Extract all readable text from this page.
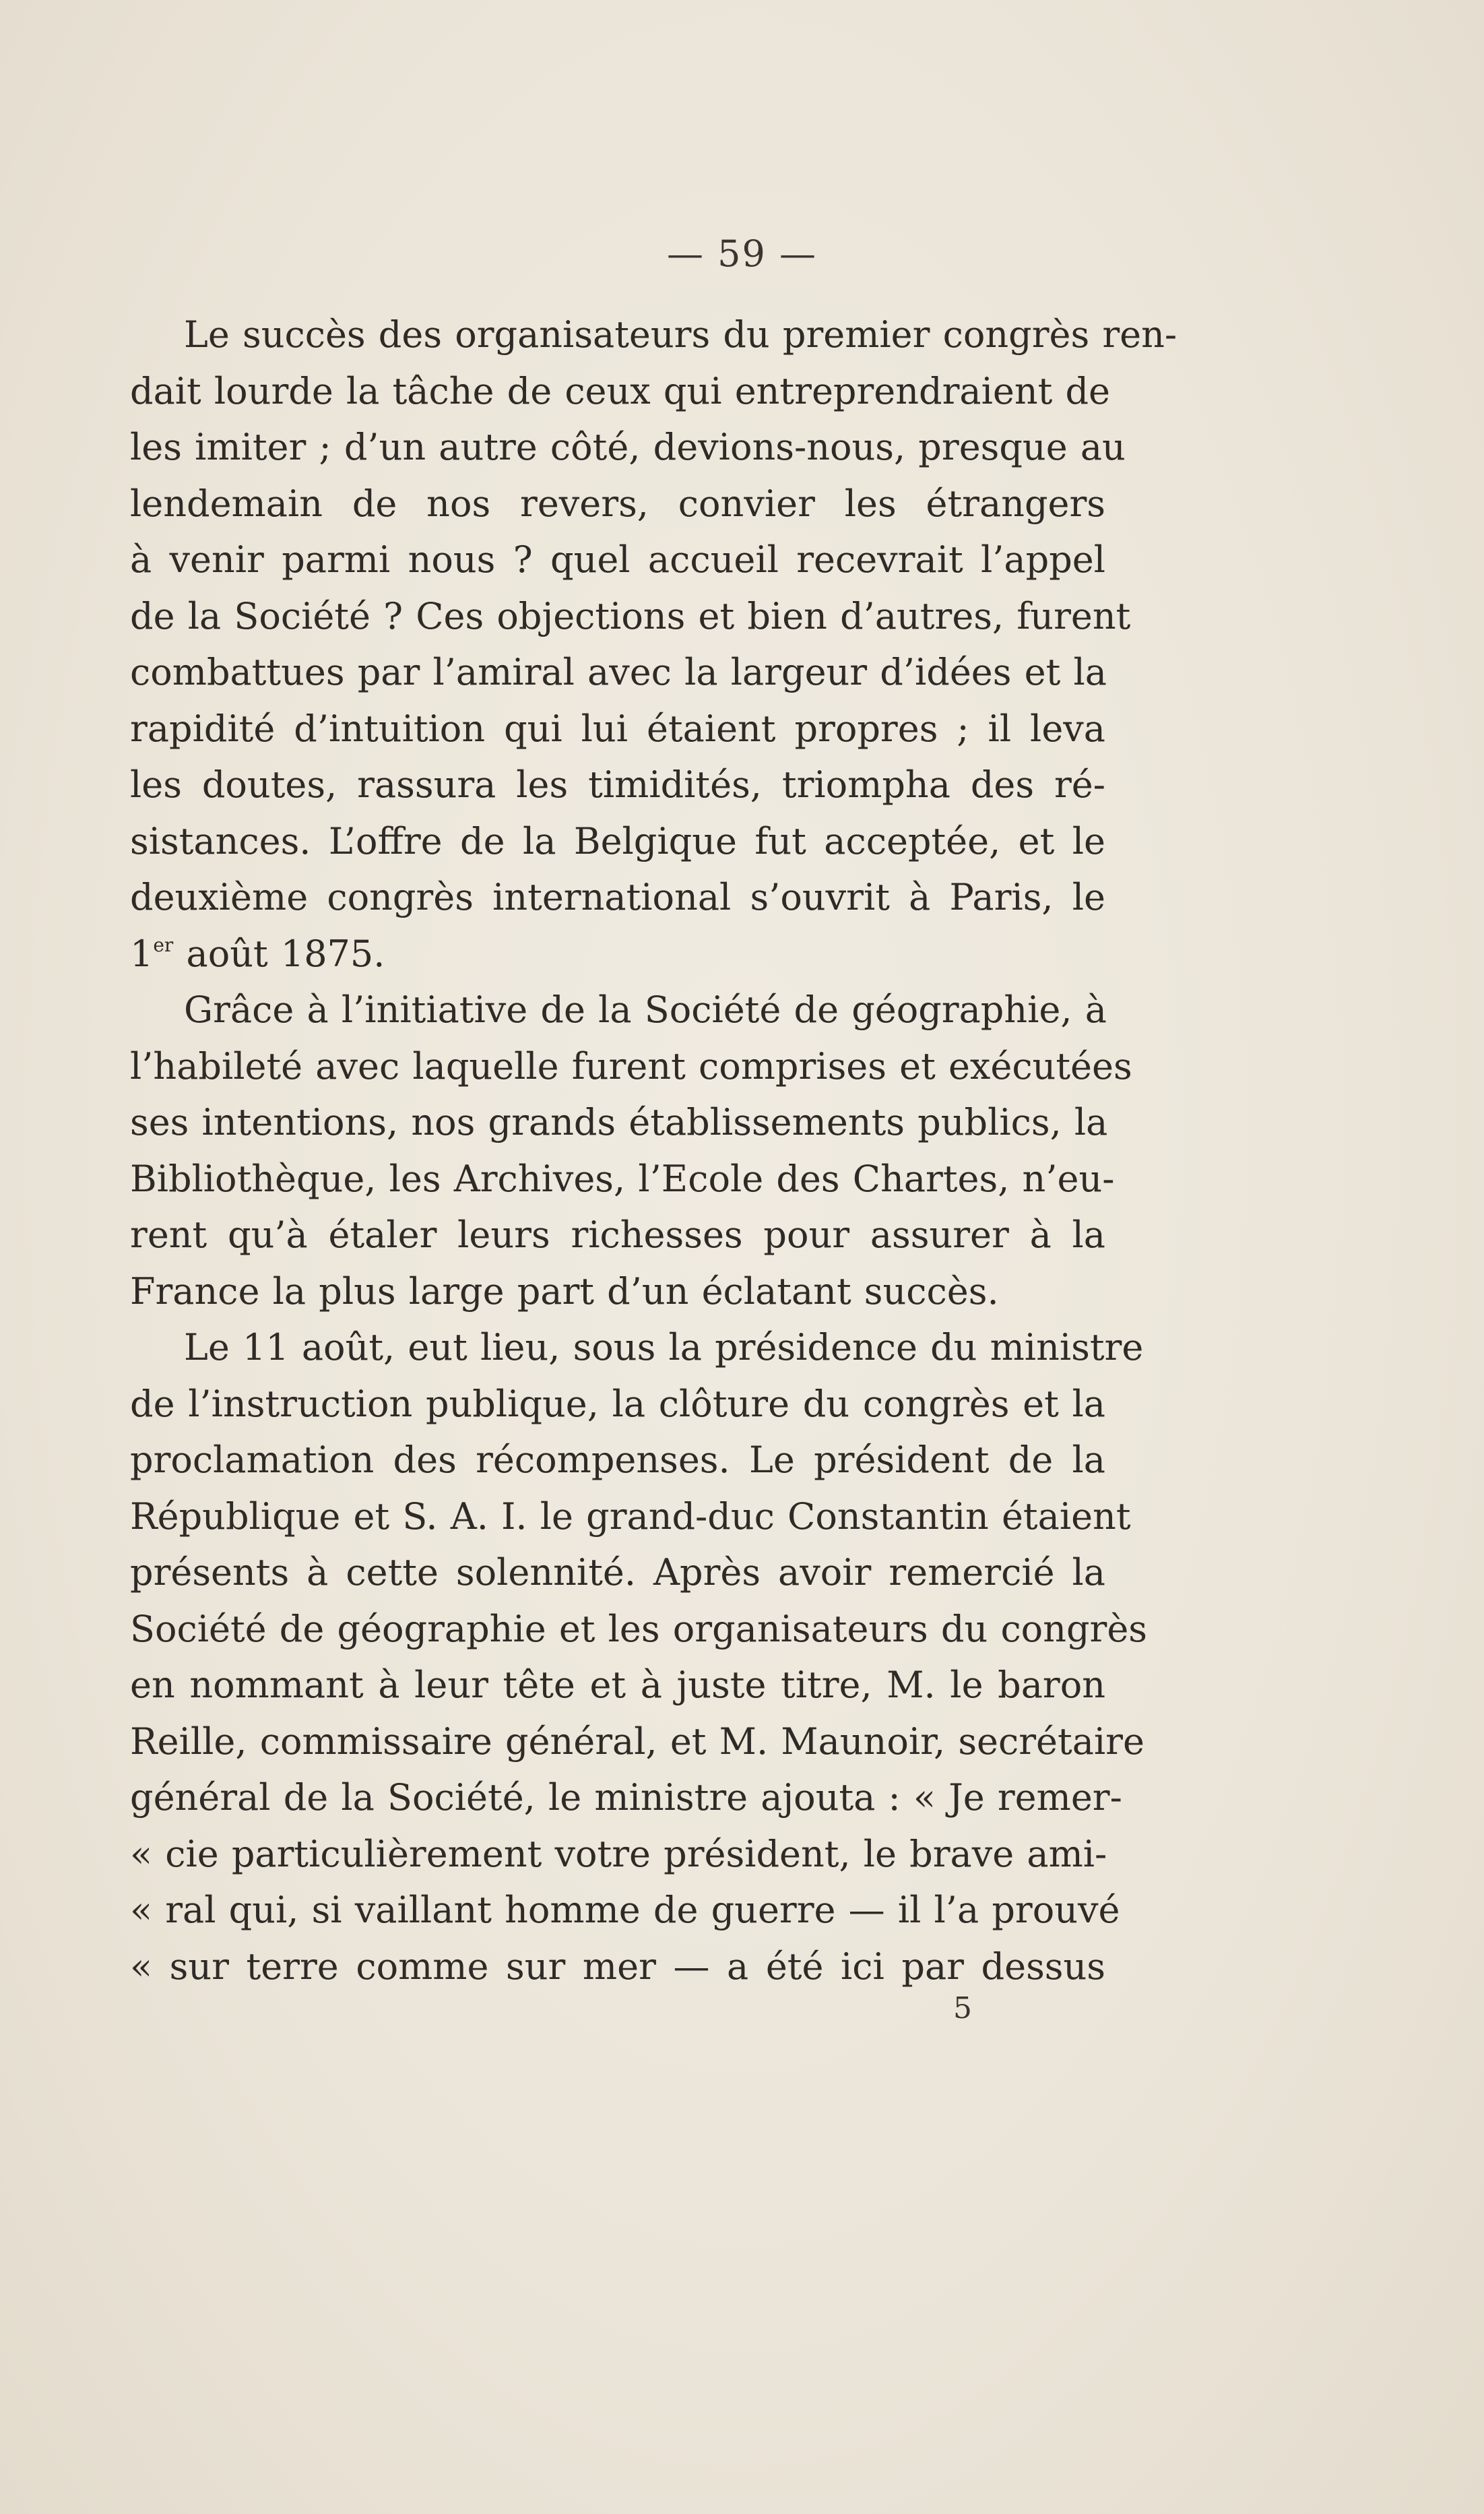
— 59 —
Le succès des organisateurs du premier congrès ren-
dait lourde la tâche de ceux qui entreprendraient de
les imiter ; d’un autre côté, devions-nous, presque au
lendemain de nos revers, convier les étrangers
à venir parmi nous ? quel accueil recevrait l’appel
de la Société ? Ces objections et bien d’autres, furent
combattues par l’amiral avec la largeur d’idées et la
rapidité d’intuition qui lui étaient propres ; il leva
les doutes, rassura les timidités, triompha des ré-
sistances. L’offre de la Belgique fut acceptée, et le
deuxième congrès international s’ouvrit à Paris, le
1er août 1875.
Grâce à l’initiative de la Société de géographie, à
l’habileté avec laquelle furent comprises et exécutées
ses intentions, nos grands établissements publics, la
Bibliothèque, les Archives, l’Ecole des Chartes, n’eu-
rent qu’à étaler leurs richesses pour assurer à la
France la plus large part d’un éclatant succès.
Le 11 août, eut lieu, sous la présidence du ministre
de l’instruction publique, la clôture du congrès et la
proclamation des récompenses. Le président de la
République et S. A. I. le grand-duc Constantin étaient
présents à cette solennité. Après avoir remercié la
Société de géographie et les organisateurs du congrès
en nommant à leur tête et à juste titre, M. le baron
Reille, commissaire général, et M. Maunoir, secrétaire
général de la Société, le ministre ajouta : « Je remer-
« cie particulièrement votre président, le brave ami-
« ral qui, si vaillant homme de guerre — il l’a prouvé
« sur terre comme sur mer — a été ici par dessus
5
